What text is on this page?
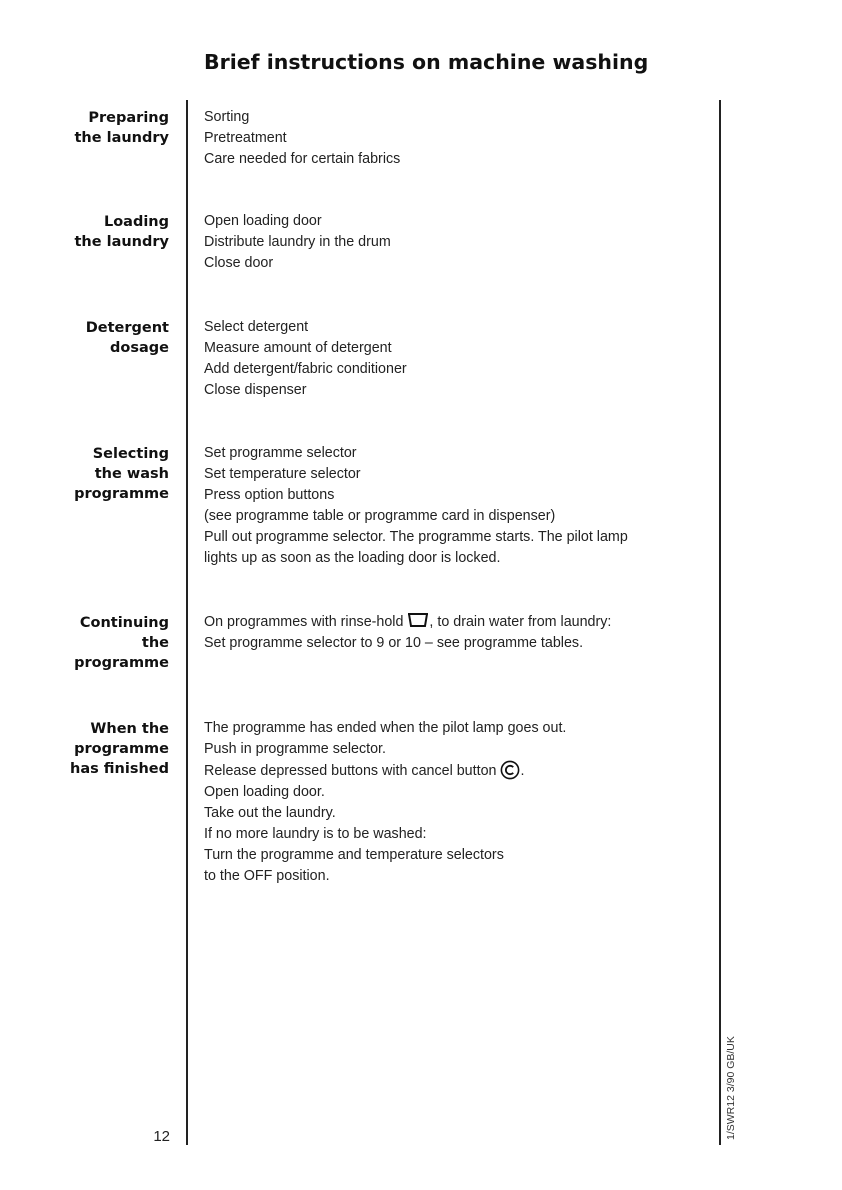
Brief instructions on machine washing
Preparing
the laundry
Sorting
Pretreatment
Care needed for certain fabrics
Loading
the laundry
Open loading door
Distribute laundry in the drum
Close door
Detergent
dosage
Select detergent
Measure amount of detergent
Add detergent/fabric conditioner
Close dispenser
Selecting
the wash
programme
Set programme selector
Set temperature selector
Press option buttons
(see programme table or programme card in dispenser)
Pull out programme selector. The programme starts. The pilot lamp
lights up as soon as the loading door is locked.
Continuing
the
programme
On programmes with rinse-hold , to drain water from laundry:
Set programme selector to 9 or 10 – see programme tables.
When the
programme
has finished
The programme has ended when the pilot lamp goes out.
Push in programme selector.
Release depressed buttons with cancel button .
Open loading door.
Take out the laundry.
If no more laundry is to be washed:
Turn the programme and temperature selectors
to the OFF position.
12	1/SWR12 3/90 GB/UK
